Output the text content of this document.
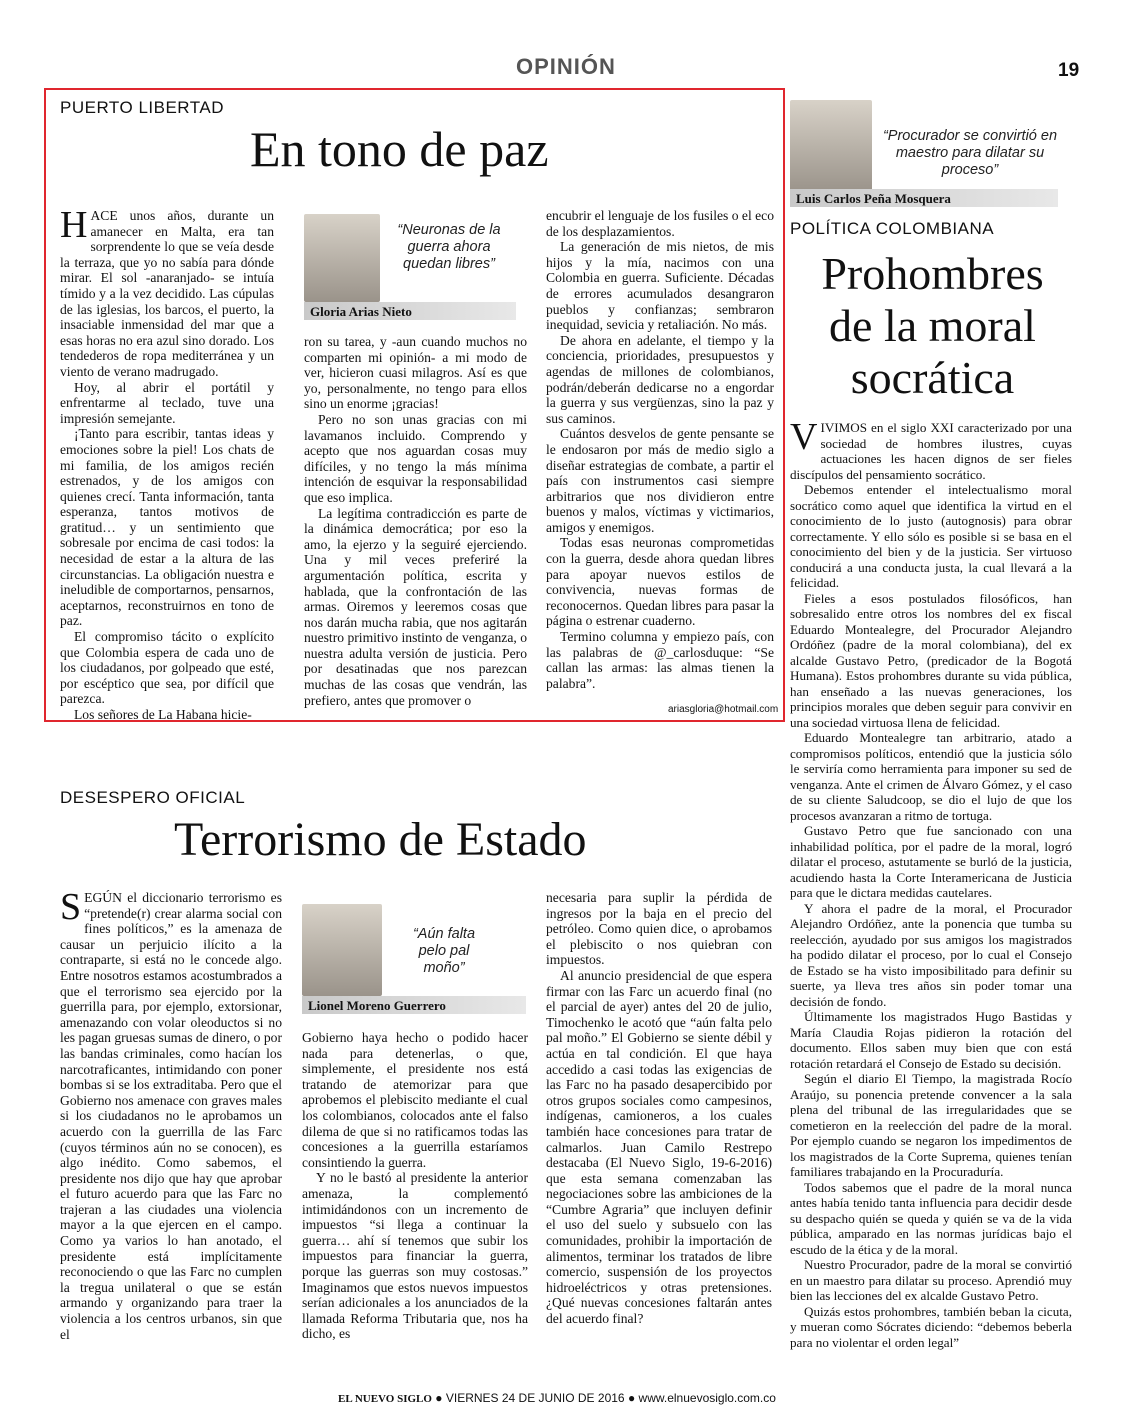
OPINIÓN	19
PUERTO LIBERTAD
En tono de paz

HACE unos años, durante un amanecer en Malta, era tan sorprendente lo que se veía desde la terraza, que yo no sabía para dónde mirar. El sol -anaranjado- se intuía tímido y a la vez decidido. Las cúpulas de las iglesias, los barcos, el puerto, la insaciable inmensidad del mar que a esas horas no era azul sino dorado. Los tendederos de ropa mediterránea y un viento de verano madrugado.

Hoy, al abrir el portátil y enfrentarme al teclado, tuve una impresión semejante.

¡Tanto para escribir, tantas ideas y emociones sobre la piel! Los chats de mi familia, de los amigos recién estrenados, y de los amigos con quienes crecí. Tanta información, tanta esperanza, tantos motivos de gratitud… y un sentimiento que sobresale por encima de casi todos: la necesidad de estar a la altura de las circunstancias. La obligación nuestra e ineludible de comportarnos, pensarnos, aceptarnos, reconstruirnos en tono de paz.

El compromiso tácito o explícito que Colombia espera de cada uno de los ciudadanos, por golpeado que esté, por escéptico que sea, por difícil que parezca.

Los señores de La Habana hicie-

“Neuronas de la guerra ahora quedan libres”
Gloria Arias Nieto

ron su tarea, y -aun cuando muchos no comparten mi opinión- a mi modo de ver, hicieron cuasi milagros. Así es que yo, personalmente, no tengo para ellos sino un enorme ¡gracias!

Pero no son unas gracias con mi lavamanos incluido. Comprendo y acepto que nos aguardan cosas muy difíciles, y no tengo la más mínima intención de esquivar la responsabilidad que eso implica.

La legítima contradicción es parte de la dinámica democrática; por eso la amo, la ejerzo y la seguiré ejerciendo. Una y mil veces preferiré la argumentación política, escrita y hablada, que la confrontación de las armas. Oiremos y leeremos cosas que nos darán mucha rabia, que nos agitarán nuestro primitivo instinto de venganza, o nuestra adulta versión de justicia. Pero por desatinadas que nos parezcan muchas de las cosas que vendrán, las prefiero, antes que promover o

encubrir el lenguaje de los fusiles o el eco de los desplazamientos.

La generación de mis nietos, de mis hijos y la mía, nacimos con una Colombia en guerra. Suficiente. Décadas de errores acumulados desangraron pueblos y confianzas; sembraron inequidad, sevicia y retaliación. No más.

De ahora en adelante, el tiempo y la conciencia, prioridades, presupuestos y agendas de millones de colombianos, podrán/deberán dedicarse no a engordar la guerra y sus vergüenzas, sino la paz y sus caminos.

Cuántos desvelos de gente pensante se le endosaron por más de medio siglo a diseñar estrategias de combate, a partir el país con instrumentos casi siempre arbitrarios que nos dividieron entre buenos y malos, víctimas y victimarios, amigos y enemigos.

Todas esas neuronas comprometidas con la guerra, desde ahora quedan libres para apoyar nuevos estilos de convivencia, nuevas formas de reconocernos. Quedan libres para pasar la página o estrenar cuaderno.

Termino columna y empiezo país, con las palabras de @_carlosduque: “Se callan las armas: las almas tienen la palabra”.

ariasgloria@hotmail.com
DESESPERO OFICIAL
Terrorismo de Estado

SEGÚN el diccionario terrorismo es “pretende(r) crear alarma social con fines políticos,” es la amenaza de causar un perjuicio ilícito a la contraparte, si está no le concede algo. Entre nosotros estamos acostumbrados a que el terrorismo sea ejercido por la guerrilla para, por ejemplo, extorsionar, amenazando con volar oleoductos si no les pagan gruesas sumas de dinero, o por las bandas criminales, como hacían los narcotraficantes, intimidando con poner bombas si se los extraditaba. Pero que el Gobierno nos amenace con graves males si los ciudadanos no le aprobamos un acuerdo con la guerrilla de las Farc (cuyos términos aún no se conocen), es algo inédito. Como sabemos, el presidente nos dijo que hay que aprobar el futuro acuerdo para que las Farc no trajeran a las ciudades una violencia mayor a la que ejercen en el campo. Como ya varios lo han anotado, el presidente está implícitamente reconociendo o que las Farc no cumplen la tregua unilateral o que se están armando y organizando para traer la violencia a los centros urbanos, sin que el

“Aún falta pelo pal moño”
Lionel Moreno Guerrero

Gobierno haya hecho o podido hacer nada para detenerlas, o que, simplemente, el presidente nos está tratando de atemorizar para que aprobemos el plebiscito mediante el cual los colombianos, colocados ante el falso dilema de que si no ratificamos todas las concesiones a la guerrilla estaríamos consintiendo la guerra.

Y no le bastó al presidente la anterior amenaza, la complementó intimidándonos con un incremento de impuestos “si llega a continuar la guerra… ahí sí tenemos que subir los impuestos para financiar la guerra, porque las guerras son muy costosas.” Imaginamos que estos nuevos impuestos serían adicionales a los anunciados de la llamada Reforma Tributaria que, nos ha dicho, es

necesaria para suplir la pérdida de ingresos por la baja en el precio del petróleo. Como quien dice, o aprobamos el plebiscito o nos quiebran con impuestos.

Al anuncio presidencial de que espera firmar con las Farc un acuerdo final (no el parcial de ayer) antes del 20 de julio, Timochenko le acotó que “aún falta pelo pal moño.” El Gobierno se siente débil y actúa en tal condición. El que haya accedido a casi todas las exigencias de las Farc no ha pasado desapercibido por otros grupos sociales como campesinos, indígenas, camioneros, a los cuales también hace concesiones para tratar de calmarlos. Juan Camilo Restrepo destacaba (El Nuevo Siglo, 19-6-2016) que esta semana comenzaban las negociaciones sobre las ambiciones de la “Cumbre Agraria” que incluyen definir el uso del suelo y subsuelo con las comunidades, prohibir la importación de alimentos, terminar los tratados de libre comercio, suspensión de los proyectos hidroeléctricos y otras pretensiones. ¿Qué nuevas concesiones faltarán antes del acuerdo final?

“Procurador se convirtió en maestro para dilatar su proceso”
Luis Carlos Peña Mosquera
POLÍTICA COLOMBIANA
Prohombres
de la moral
socrática

VIVIMOS en el siglo XXI caracterizado por una sociedad de hombres ilustres, cuyas actuaciones les hacen dignos de ser fieles discípulos del pensamiento socrático.

Debemos entender el intelectualismo moral socrático como aquel que identifica la virtud en el conocimiento de lo justo (autognosis) para obrar correctamente. Y ello sólo es posible si se basa en el conocimiento del bien y de la justicia. Ser virtuoso conducirá a una conducta justa, la cual llevará a la felicidad.

Fieles a esos postulados filosóficos, han sobresalido entre otros los nombres del ex fiscal Eduardo Montealegre, del Procurador Alejandro Ordóñez (padre de la moral colombiana), del ex alcalde Gustavo Petro, (predicador de la Bogotá Humana). Estos prohombres durante su vida pública, han enseñado a las nuevas generaciones, los principios morales que deben seguir para convivir en una sociedad virtuosa llena de felicidad.

Eduardo Montealegre tan arbitrario, atado a compromisos políticos, entendió que la justicia sólo le serviría como herramienta para imponer su sed de venganza. Ante el crimen de Álvaro Gómez, y el caso de su cliente Saludcoop, se dio el lujo de que los procesos avanzaran a ritmo de tortuga.

Gustavo Petro que fue sancionado con una inhabilidad política, por el padre de la moral, logró dilatar el proceso, astutamente se burló de la justicia, acudiendo hasta la Corte Interamericana de Justicia para que le dictara medidas cautelares.

Y ahora el padre de la moral, el Procurador Alejandro Ordóñez, ante la ponencia que tumba su reelección, ayudado por sus amigos los magistrados ha podido dilatar el proceso, por lo cual el Consejo de Estado se ha visto imposibilitado para definir su suerte, ya lleva tres años sin poder tomar una decisión de fondo.

Últimamente los magistrados Hugo Bastidas y María Claudia Rojas pidieron la rotación del documento. Ellos saben muy bien que con está rotación retardará el Consejo de Estado su decisión.

Según el diario El Tiempo, la magistrada Rocío Araújo, su ponencia pretende convencer a la sala plena del tribunal de las irregularidades que se cometieron en la reelección del padre de la moral. Por ejemplo cuando se negaron los impedimentos de los magistrados de la Corte Suprema, quienes tenían familiares trabajando en la Procuraduría.

Todos sabemos que el padre de la moral nunca antes había tenido tanta influencia para decidir desde su despacho quién se queda y quién se va de la vida pública, amparado en las normas jurídicas bajo el escudo de la ética y de la moral.

Nuestro Procurador, padre de la moral se convirtió en un maestro para dilatar su proceso. Aprendió muy bien las lecciones del ex alcalde Gustavo Petro.

Quizás estos prohombres, también beban la cicuta, y mueran como Sócrates diciendo: “debemos beberla para no violentar el orden legal”

EL NUEVO SIGLO ● VIERNES 24 DE JUNIO DE 2016 ● www.elnuevosiglo.com.co
